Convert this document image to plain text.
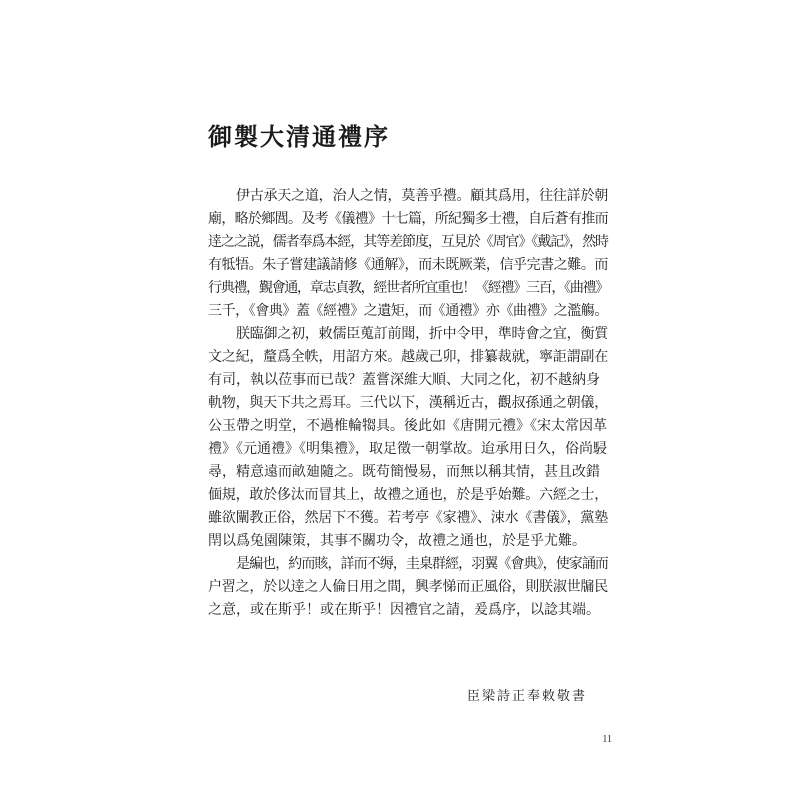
御製大清通禮序
伊古承天之道，治人之情，莫善乎禮。顧其爲用，往往詳於朝
廟，略於鄉閭。及考《儀禮》十七篇，所紀獨多士禮，自后蒼有推而
逹之之説，儒者奉爲本經，其等差節度，互見於《周官》《戴記》，然時
有牴牾。朱子嘗建議請修《通解》，而未既厥業，信乎完書之難。而
行典禮，覲會通，章志貞教，經世者所宜重也！《經禮》三百，《曲禮》
三千，《會典》蓋《經禮》之遺矩，而《通禮》亦《曲禮》之濫觴。
朕臨御之初，敕儒臣蒐訂前聞，折中令甲，準時會之宜，衡質
文之紀，釐爲全帙，用詔方來。越歲己卯，排纂裁就，寧詎謂副在
有司，執以莅事而已哉？蓋嘗深維大順、大同之化，初不越納身
軌物，與天下共之焉耳。三代以下，漢稱近古，觀叔孫通之朝儀，
公玉帶之明堂，不過椎輪犓具。後此如《唐開元禮》《宋太常因革
禮》《元通禮》《明集禮》，取足徵一朝掌故。迨承用日久，俗尚駸
尋，精意遠而畝廸隨之。既苟簡慢易，而無以稱其情，甚且改錯
偭規，敢於侈汰而冒其上，故禮之通也，於是乎始難。六經之士，
雖欲闡教正俗，然居下不獲。若考亭《家禮》、涑水《書儀》，黨塾
閈以爲兔園陳策，其事不關功令，故禮之通也，於是乎尤難。
是編也，約而賅，詳而不缛，圭臬群經，羽翼《會典》，使家誦而
户習之，於以逹之人倫日用之間，興孝悌而正風俗，則朕淑世牖民
之意，或在斯乎！或在斯乎！因禮官之請，爰爲序，以諗其端。
臣梁詩正奉敕敬書
11
